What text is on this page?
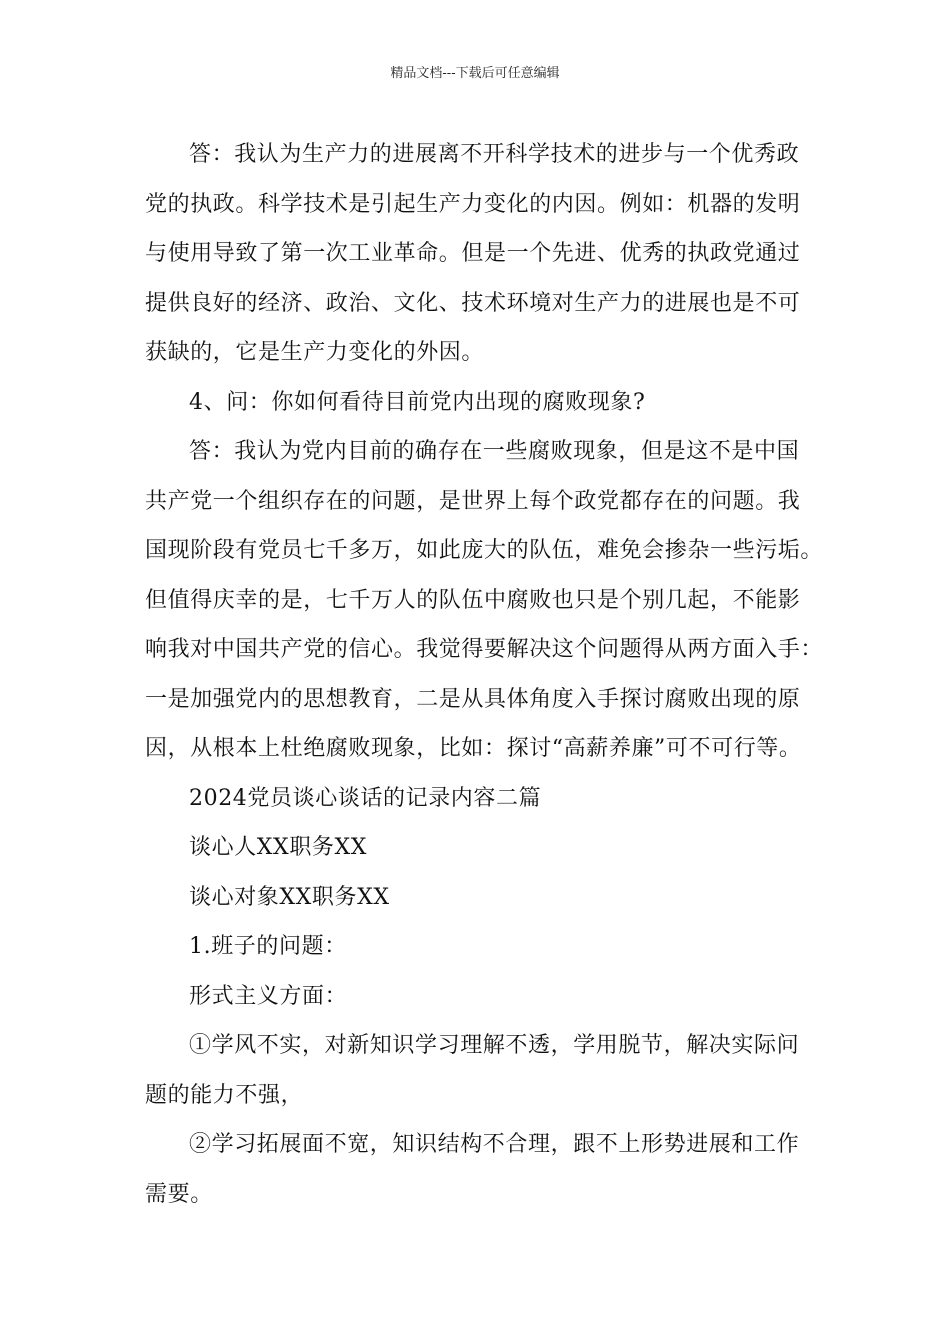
精品文档---下载后可任意编辑
答：我认为生产力的进展离不开科学技术的进步与一个优秀政
党的执政。科学技术是引起生产力变化的内因。例如：机器的发明
与使用导致了第一次工业革命。但是一个先进、优秀的执政党通过
提供良好的经济、政治、文化、技术环境对生产力的进展也是不可
获缺的，它是生产力变化的外因。
4、问：你如何看待目前党内出现的腐败现象?
答：我认为党内目前的确存在一些腐败现象，但是这不是中国
共产党一个组织存在的问题，是世界上每个政党都存在的问题。我
国现阶段有党员七千多万，如此庞大的队伍，难免会掺杂一些污垢。
但值得庆幸的是，七千万人的队伍中腐败也只是个别几起，不能影
响我对中国共产党的信心。我觉得要解决这个问题得从两方面入手：
一是加强党内的思想教育，二是从具体角度入手探讨腐败出现的原
因，从根本上杜绝腐败现象，比如：探讨“高薪养廉”可不可行等。
2024党员谈心谈话的记录内容二篇
谈心人XX职务XX
谈心对象XX职务XX
1.班子的问题：
形式主义方面：
①学风不实，对新知识学习理解不透，学用脱节，解决实际问
题的能力不强，
②学习拓展面不宽，知识结构不合理，跟不上形势进展和工作
需要。
